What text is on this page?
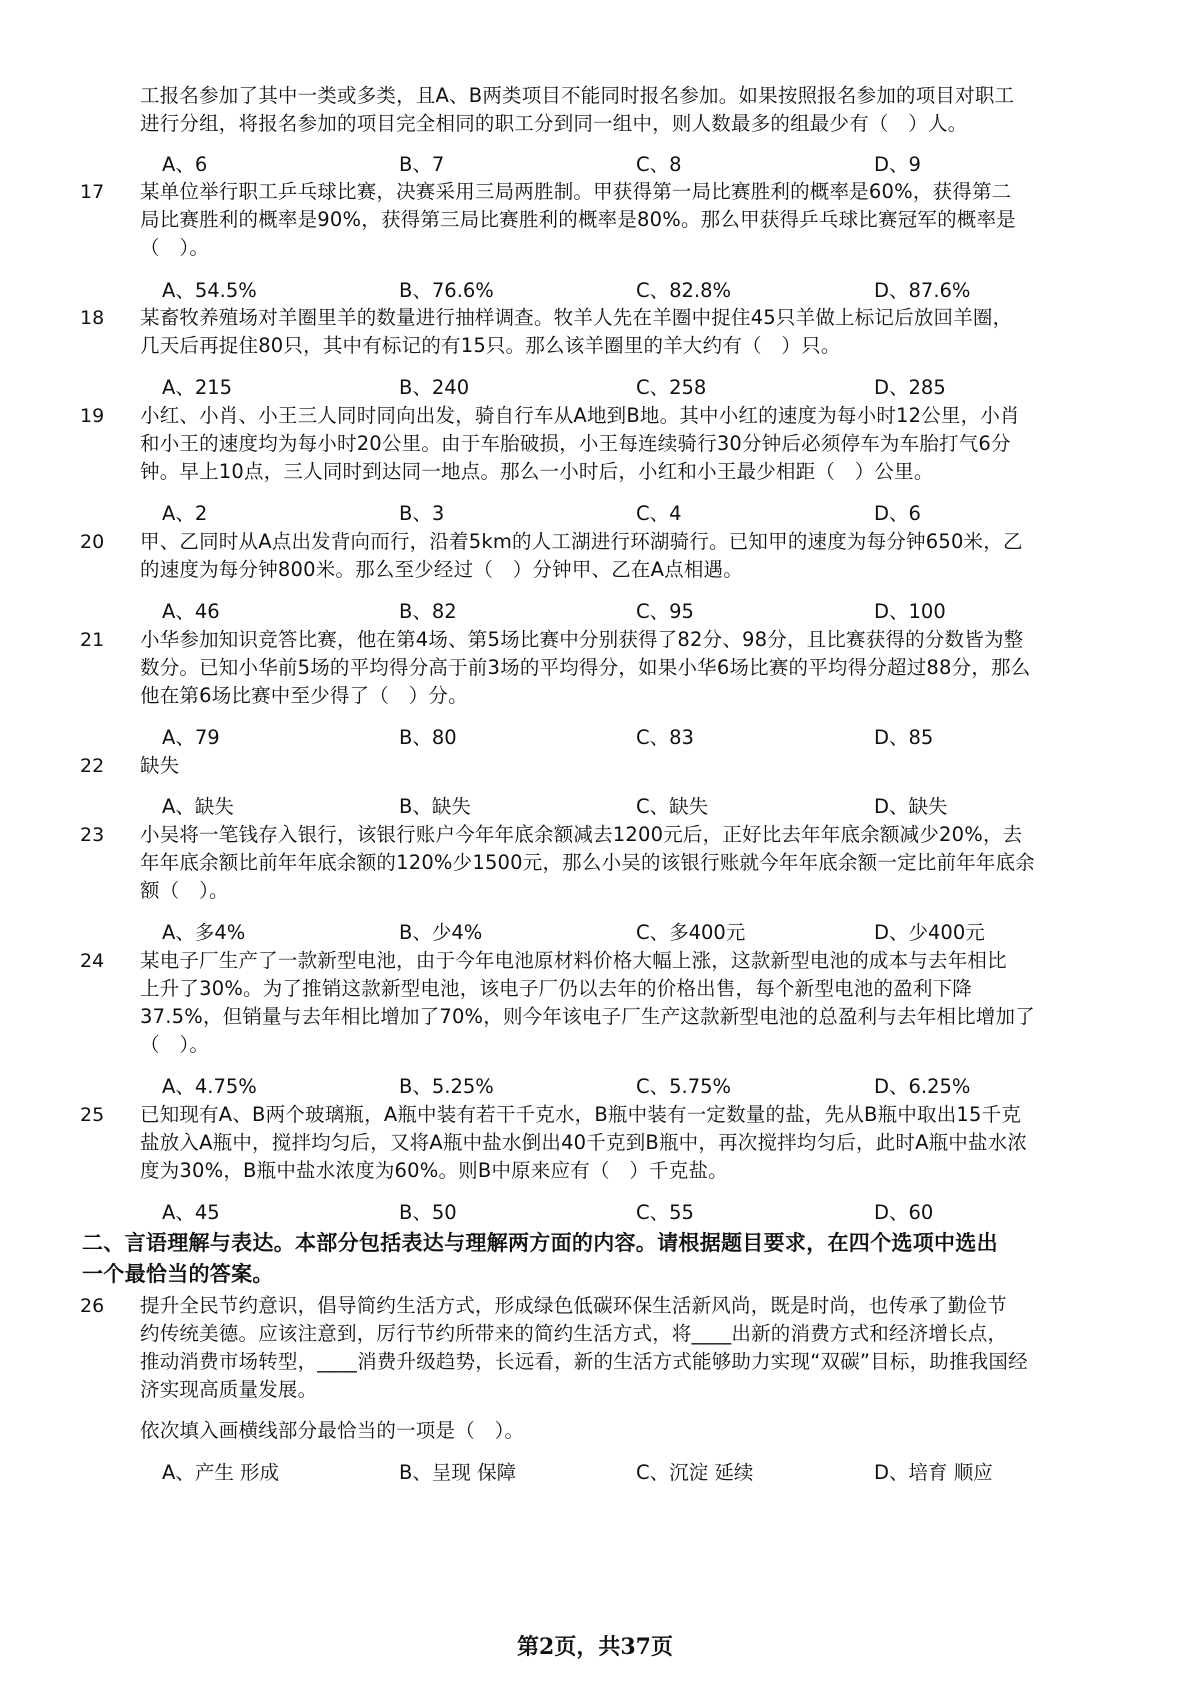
工报名参加了其中一类或多类，且A、B两类项目不能同时报名参加。如果按照报名参加的项目对职工
进行分组，将报名参加的项目完全相同的职工分到同一组中，则人数最多的组最少有（　）人。
A、6	B、7	C、8	D、9
17 某单位举行职工乒乓球比赛，决赛采用三局两胜制。甲获得第一局比赛胜利的概率是60%，获得第二
局比赛胜利的概率是90%，获得第三局比赛胜利的概率是80%。那么甲获得乒乓球比赛冠军的概率是
（　）。
A、54.5%	B、76.6%	C、82.8%	D、87.6%
18 某畜牧养殖场对羊圈里羊的数量进行抽样调查。牧羊人先在羊圈中捉住45只羊做上标记后放回羊圈，
几天后再捉住80只，其中有标记的有15只。那么该羊圈里的羊大约有（　）只。
A、215	B、240	C、258	D、285
19 小红、小肖、小王三人同时同向出发，骑自行车从A地到B地。其中小红的速度为每小时12公里，小肖
和小王的速度均为每小时20公里。由于车胎破损，小王每连续骑行30分钟后必须停车为车胎打气6分
钟。早上10点，三人同时到达同一地点。那么一小时后，小红和小王最少相距（　）公里。
A、2	B、3	C、4	D、6
20 甲、乙同时从A点出发背向而行，沿着5km的人工湖进行环湖骑行。已知甲的速度为每分钟650米，乙
的速度为每分钟800米。那么至少经过（　）分钟甲、乙在A点相遇。
A、46	B、82	C、95	D、100
21 小华参加知识竞答比赛，他在第4场、第5场比赛中分别获得了82分、98分，且比赛获得的分数皆为整
数分。已知小华前5场的平均得分高于前3场的平均得分，如果小华6场比赛的平均得分超过88分，那么
他在第6场比赛中至少得了（　）分。
A、79	B、80	C、83	D、85
22 缺失
A、缺失	B、缺失	C、缺失	D、缺失
23 小吴将一笔钱存入银行，该银行账户今年年底余额减去1200元后，正好比去年年底余额减少20%，去
年年底余额比前年年底余额的120%少1500元，那么小吴的该银行账就今年年底余额一定比前年年底余
额（　）。
A、多4%	B、少4%	C、多400元	D、少400元
24 某电子厂生产了一款新型电池，由于今年电池原材料价格大幅上涨，这款新型电池的成本与去年相比
上升了30%。为了推销这款新型电池，该电子厂仍以去年的价格出售，每个新型电池的盈利下降
37.5%，但销量与去年相比增加了70%，则今年该电子厂生产这款新型电池的总盈利与去年相比增加了
（　）。
A、4.75%	B、5.25%	C、5.75%	D、6.25%
25 已知现有A、B两个玻璃瓶，A瓶中装有若干千克水，B瓶中装有一定数量的盐，先从B瓶中取出15千克
盐放入A瓶中，搅拌均匀后，又将A瓶中盐水倒出40千克到B瓶中，再次搅拌均匀后，此时A瓶中盐水浓
度为30%，B瓶中盐水浓度为60%。则B中原来应有（　）千克盐。
A、45	B、50	C、55	D、60
二、言语理解与表达。本部分包括表达与理解两方面的内容。请根据题目要求，在四个选项中选出
一个最恰当的答案。
26 提升全民节约意识，倡导简约生活方式，形成绿色低碳环保生活新风尚，既是时尚，也传承了勤俭节
约传统美德。应该注意到，厉行节约所带来的简约生活方式，将____出新的消费方式和经济增长点，
推动消费市场转型，____消费升级趋势，长远看，新的生活方式能够助力实现“双碳”目标，助推我国经
济实现高质量发展。
依次填入画横线部分最恰当的一项是（　）。
A、产生 形成	B、呈现 保障	C、沉淀 延续	D、培育 顺应
第2页，共37页
